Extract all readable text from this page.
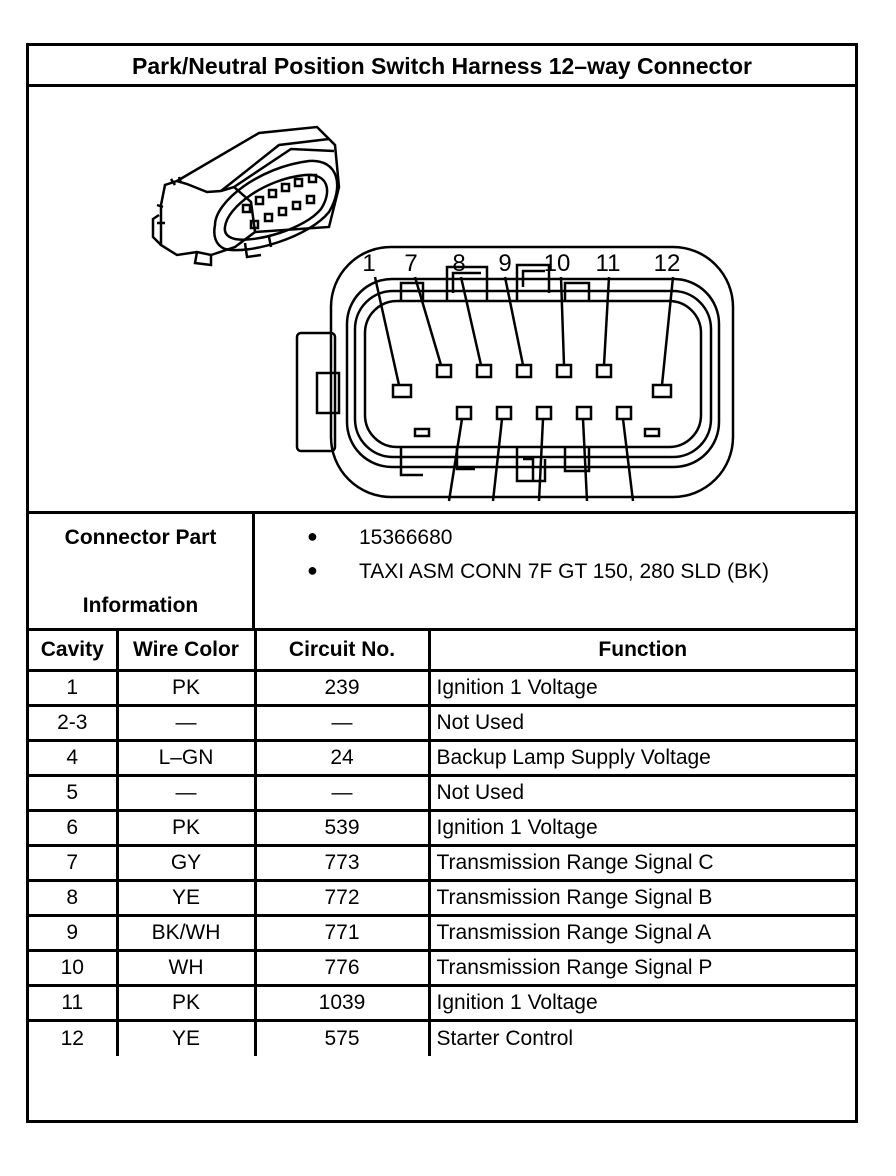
Park/Neutral Position Switch Harness 12–way Connector
1 7 8 9 10 11 12
Connector Part
Information
● 15366680
● TAXI ASM CONN 7F GT 150, 280 SLD (BK)
Cavity	Wire Color	Circuit No.	Function
1	PK	239	Ignition 1 Voltage
2-3	—	—	Not Used
4	L–GN	24	Backup Lamp Supply Voltage
5	—	—	Not Used
6	PK	539	Ignition 1 Voltage
7	GY	773	Transmission Range Signal C
8	YE	772	Transmission Range Signal B
9	BK/WH	771	Transmission Range Signal A
10	WH	776	Transmission Range Signal P
11	PK	1039	Ignition 1 Voltage
12	YE	575	Starter Control
